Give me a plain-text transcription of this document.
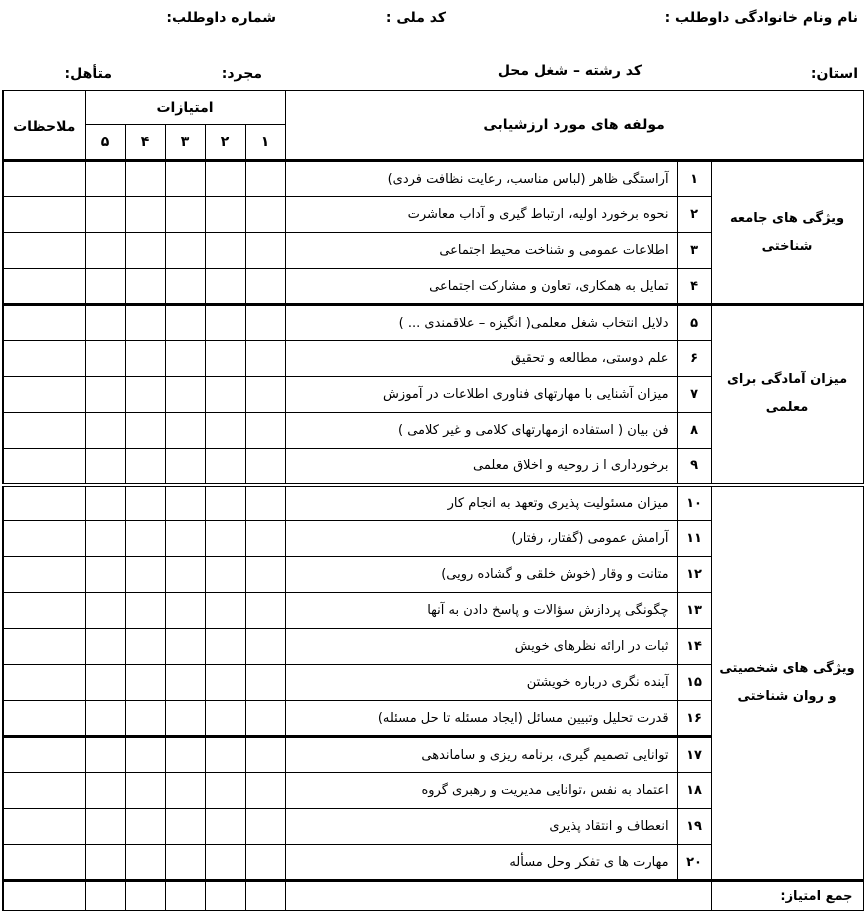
نام ونام خانوادگی داوطلب :
کد ملی :
شماره داوطلب:
استان:
کد رشته – شغل محل
مجرد:
متأهل:
مولفه های مورد ارزشیابی			امتیازات					ملاحظات
			۱	۲	۳	۴	۵	
ویژگی های جامعه شناختی	۱	آراستگی ظاهر (لباس مناسب، رعایت نظافت فردی)						
	۲	نحوه برخورد اولیه، ارتباط گیری و آداب معاشرت						
	۳	اطلاعات عمومی و شناخت محیط اجتماعی						
	۴	تمایل به همکاری، تعاون و مشارکت اجتماعی						
میزان آمادگی برای معلمی	۵	دلایل انتخاب شغل معلمی( انگیزه – علاقمندی ... )						
	۶	علم دوستی، مطالعه و تحقیق						
	۷	میزان آشنایی با مهارتهای فناوری اطلاعات در آموزش						
	۸	فن بیان ( استفاده ازمهارتهای کلامی و غیر کلامی )						
	۹	برخورداری ا ز روحیه و اخلاق معلمی						
ویژگی های شخصیتی و روان شناختی	۱۰	میزان مسئولیت پذیری وتعهد به انجام کار						
	۱۱	آرامش عمومی (گفتار، رفتار)						
	۱۲	متانت و وقار (خوش خلقی و گشاده رویی)						
	۱۳	چگونگی پردازش سؤالات و پاسخ دادن به آنها						
	۱۴	ثبات در ارائه نظرهای خویش						
	۱۵	آینده نگری درباره خویشتن						
	۱۶	قدرت تحلیل وتبیین مسائل (ایجاد مسئله تا حل مسئله)						
	۱۷	توانایی تصمیم گیری، برنامه ریزی و ساماندهی						
	۱۸	اعتماد به نفس ،توانایی مدیریت و رهبری گروه						
	۱۹	انعطاف و انتقاد پذیری						
	۲۰	مهارت ها ی تفکر وحل مسأله						
جمع امتیاز:								
